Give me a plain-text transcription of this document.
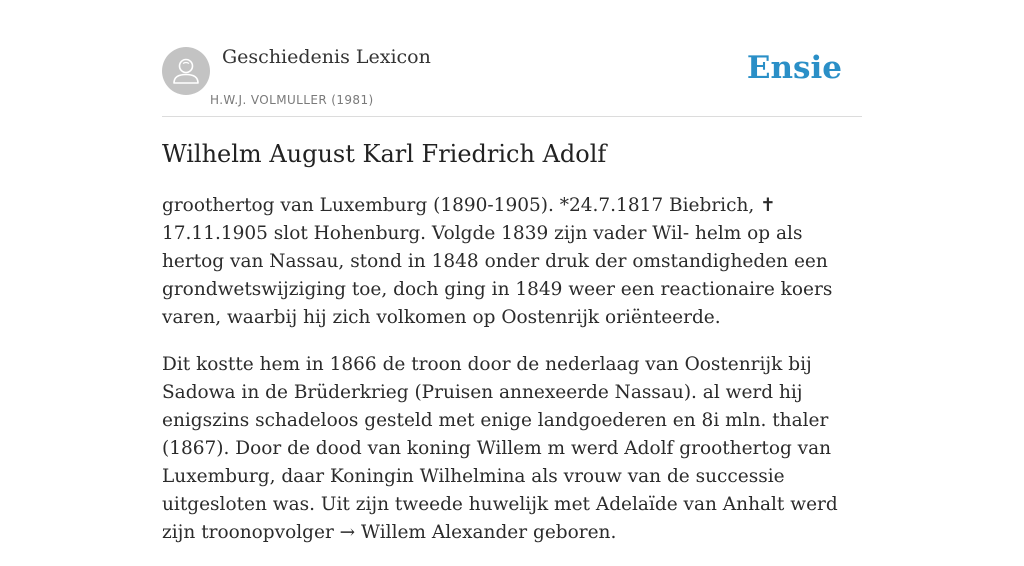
Geschiedenis Lexicon
H.W.J. VOLMULLER (1981)
Ensie
Wilhelm August Karl Friedrich Adolf

groothertog van Luxemburg (1890-1905). *24.7.1817 Biebrich, ✝ 17.11.1905 slot Hohenburg. Volgde 1839 zijn vader Wil- helm op als hertog van Nassau, stond in 1848 onder druk der omstandigheden een grondwetswijziging toe, doch ging in 1849 weer een reactionaire koers varen, waarbij hij zich volkomen op Oostenrijk oriënteerde.

Dit kostte hem in 1866 de troon door de nederlaag van Oostenrijk bij Sadowa in de Brüderkrieg (Pruisen annexeerde Nassau). al werd hij enigszins schadeloos gesteld met enige landgoederen en 8i mln. thaler (1867). Door de dood van koning Willem m werd Adolf groothertog van Luxemburg, daar Koningin Wilhelmina als vrouw van de successie uitgesloten was. Uit zijn tweede huwelijk met Adelaïde van Anhalt werd zijn troonopvolger → Willem Alexander geboren.
